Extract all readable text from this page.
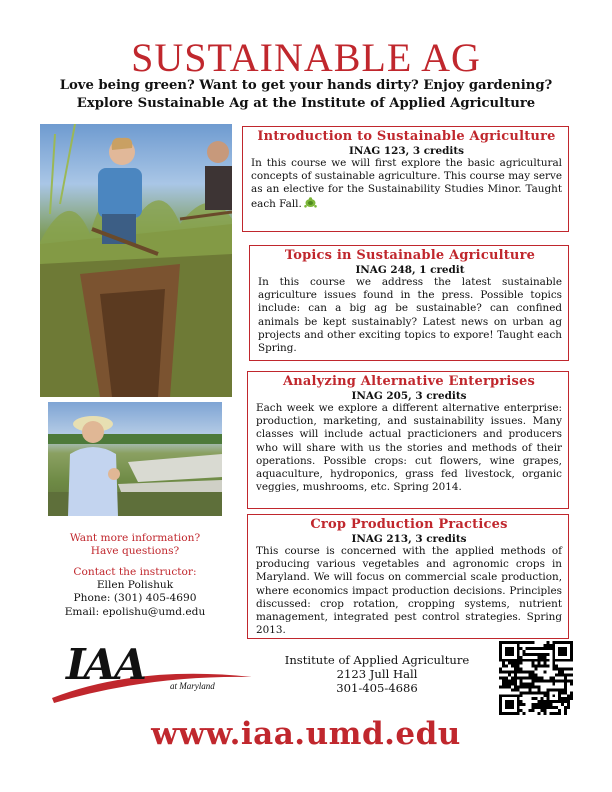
SUSTAINABLE AG
Love being green? Want to get your hands dirty? Enjoy gardening?
Explore Sustainable Ag at the Institute of Applied Agriculture
Introduction to Sustainable Agriculture
INAG 123, 3 credits
In this course we will first explore the basic agricultural concepts of sustainable agriculture. This course may serve as an elective for the Sustainability Studies Minor. Taught each Fall.
Topics in Sustainable Agriculture
INAG 248, 1 credit
In this course we address the latest sustainable agriculture issues found in the press. Possible topics include: can a big ag be sustainable? can confined animals be kept sustainably? Latest news on urban ag projects and other exciting topics to expore! Taught each Spring.
Analyzing Alternative Enterprises
INAG 205, 3 credits
Each week we explore a different alternative enterprise: production, marketing, and sustainability issues. Many classes will include actual practicioners and producers who will share with us the stories and methods of their operations. Possible crops: cut flowers, wine grapes, aquaculture, hydroponics, grass fed livestock, organic veggies, mushrooms, etc. Spring 2014.
Crop Production Practices
INAG 213, 3 credits
This course is concerned with the applied methods of producing various vegetables and agronomic crops in Maryland. We will focus on commercial scale production, where economics impact production decisions. Principles discussed: crop rotation, cropping systems, nutrient management, integrated pest control strategies. Spring 2013.
Want more information?
Have questions?
Contact the instructor:
Ellen Polishuk
Phone: (301) 405-4690
Email: epolishu@umd.edu
IAA	at Maryland
Institute of Applied Agriculture
2123 Jull Hall
301-405-4686
www.iaa.umd.edu
